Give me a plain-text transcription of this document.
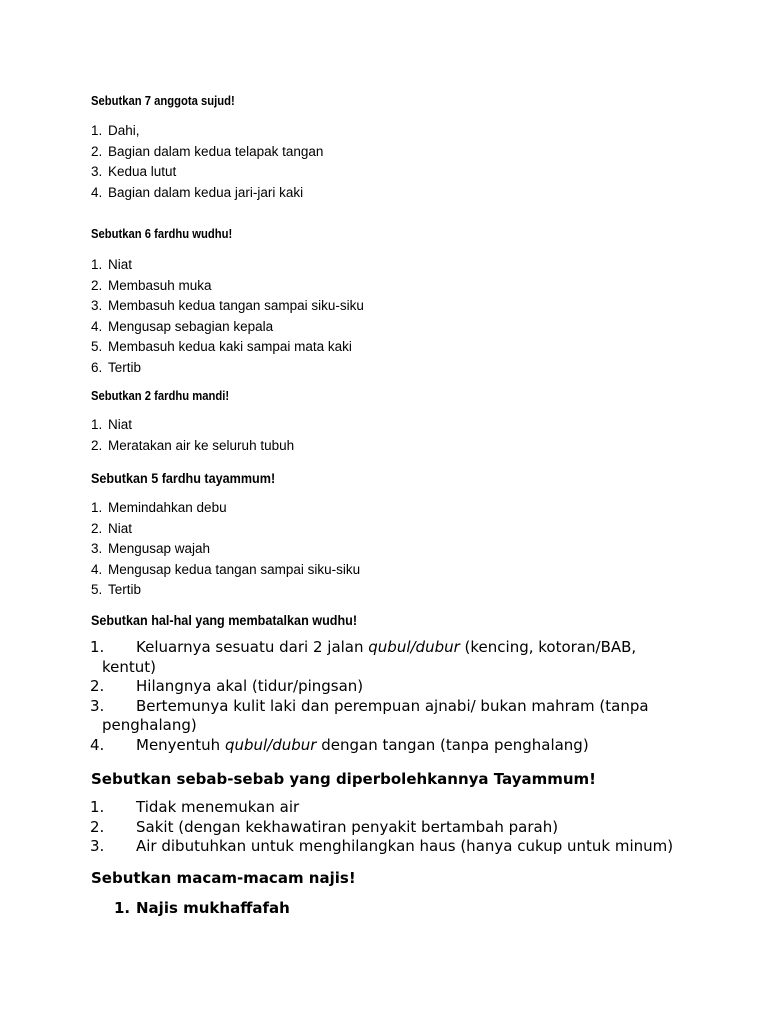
Sebutkan 7 anggota sujud!

1. Dahi,
2. Bagian dalam kedua telapak tangan
3. Kedua lutut
4. Bagian dalam kedua jari-jari kaki

Sebutkan 6 fardhu wudhu!

1. Niat
2. Membasuh muka
3. Membasuh kedua tangan sampai siku-siku
4. Mengusap sebagian kepala
5. Membasuh kedua kaki sampai mata kaki
6. Tertib

Sebutkan 2 fardhu mandi!

1. Niat
2. Meratakan air ke seluruh tubuh

Sebutkan 5 fardhu tayammum!

1. Memindahkan debu
2. Niat
3. Mengusap wajah
4. Mengusap kedua tangan sampai siku-siku
5. Tertib

Sebutkan hal-hal yang membatalkan wudhu!

1. Keluarnya sesuatu dari 2 jalan qubul/dubur (kencing, kotoran/BAB,
kentut)
2. Hilangnya akal (tidur/pingsan)
3. Bertemunya kulit laki dan perempuan ajnabi/ bukan mahram (tanpa
penghalang)
4. Menyentuh qubul/dubur dengan tangan (tanpa penghalang)

Sebutkan sebab-sebab yang diperbolehkannya Tayammum!

1. Tidak menemukan air
2. Sakit (dengan kekhawatiran penyakit bertambah parah)
3. Air dibutuhkan untuk menghilangkan haus (hanya cukup untuk minum)

Sebutkan macam-macam najis!

1. Najis mukhaffafah
